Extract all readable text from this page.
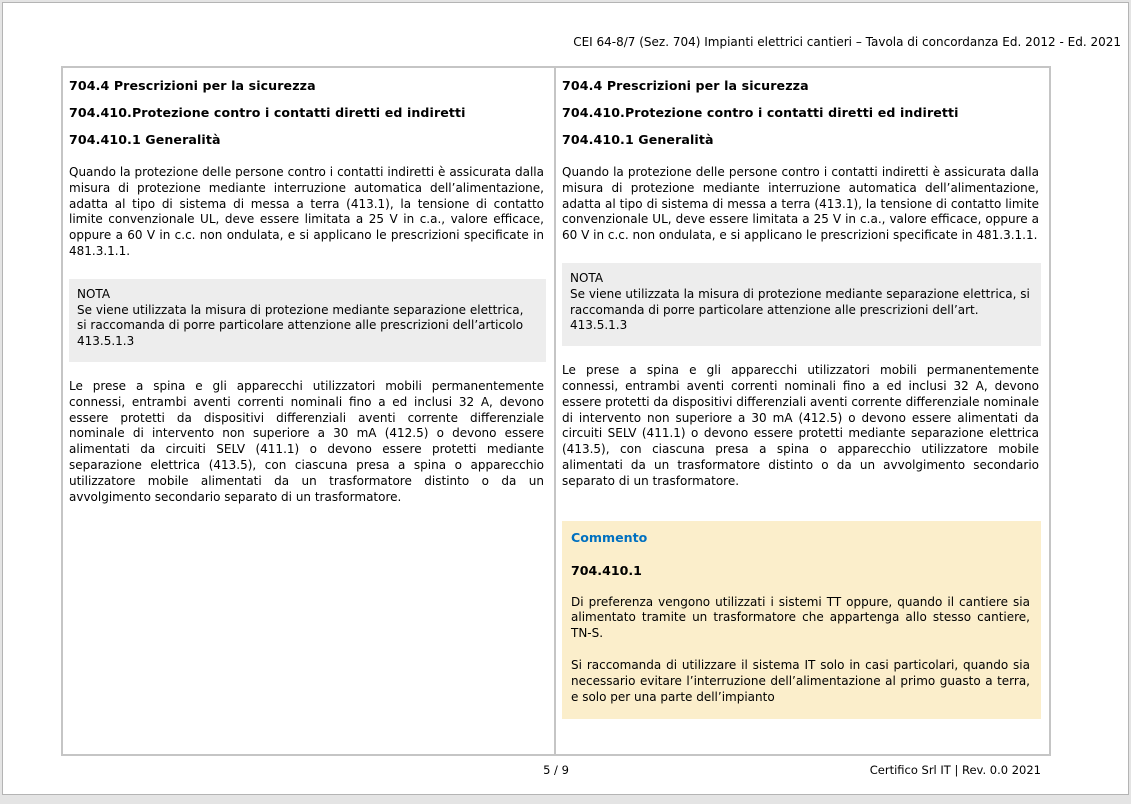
CEI 64-8/7 (Sez. 704) Impianti elettrici cantieri – Tavola di concordanza Ed. 2012 - Ed. 2021
704.4 Prescrizioni per la sicurezza
704.410.Protezione contro i contatti diretti ed indiretti
704.410.1 Generalità
Quando la protezione delle persone contro i contatti indiretti è assicurata dalla misura di protezione mediante interruzione automatica dell’alimentazione, adatta al tipo di sistema di messa a terra (413.1), la tensione di contatto limite convenzionale UL, deve essere limitata a 25 V in c.a., valore efficace, oppure a 60 V in c.c. non ondulata, e si applicano le prescrizioni specificate in 481.3.1.1.
NOTA
Se viene utilizzata la misura di protezione mediante separazione elettrica, si raccomanda di porre particolare attenzione alle prescrizioni dell’articolo 413.5.1.3
Le prese a spina e gli apparecchi utilizzatori mobili permanentemente connessi, entrambi aventi correnti nominali fino a ed inclusi 32 A, devono essere protetti da dispositivi differenziali aventi corrente differenziale nominale di intervento non superiore a 30 mA (412.5) o devono essere alimentati da circuiti SELV (411.1) o devono essere protetti mediante separazione elettrica (413.5), con ciascuna presa a spina o apparecchio utilizzatore mobile alimentati da un trasformatore distinto o da un avvolgimento secondario separato di un trasformatore.
704.4 Prescrizioni per la sicurezza
704.410.Protezione contro i contatti diretti ed indiretti
704.410.1 Generalità
Quando la protezione delle persone contro i contatti indiretti è assicurata dalla misura di protezione mediante interruzione automatica dell’alimentazione, adatta al tipo di sistema di messa a terra (413.1), la tensione di contatto limite convenzionale UL, deve essere limitata a 25 V in c.a., valore efficace, oppure a 60 V in c.c. non ondulata, e si applicano le prescrizioni specificate in 481.3.1.1.
NOTA
Se viene utilizzata la misura di protezione mediante separazione elettrica, si raccomanda di porre particolare attenzione alle prescrizioni dell’art. 413.5.1.3
Le prese a spina e gli apparecchi utilizzatori mobili permanentemente connessi, entrambi aventi correnti nominali fino a ed inclusi 32 A, devono essere protetti da dispositivi differenziali aventi corrente differenziale nominale di intervento non superiore a 30 mA (412.5) o devono essere alimentati da circuiti SELV (411.1) o devono essere protetti mediante separazione elettrica (413.5), con ciascuna presa a spina o apparecchio utilizzatore mobile alimentati da un trasformatore distinto o da un avvolgimento secondario separato di un trasformatore.
Commento
704.410.1
Di preferenza vengono utilizzati i sistemi TT oppure, quando il cantiere sia alimentato tramite un trasformatore che appartenga allo stesso cantiere, TN-S.
Si raccomanda di utilizzare il sistema IT solo in casi particolari, quando sia necessario evitare l’interruzione dell’alimentazione al primo guasto a terra, e solo per una parte dell’impianto
5 / 9	Certifico Srl IT | Rev. 0.0 2021
